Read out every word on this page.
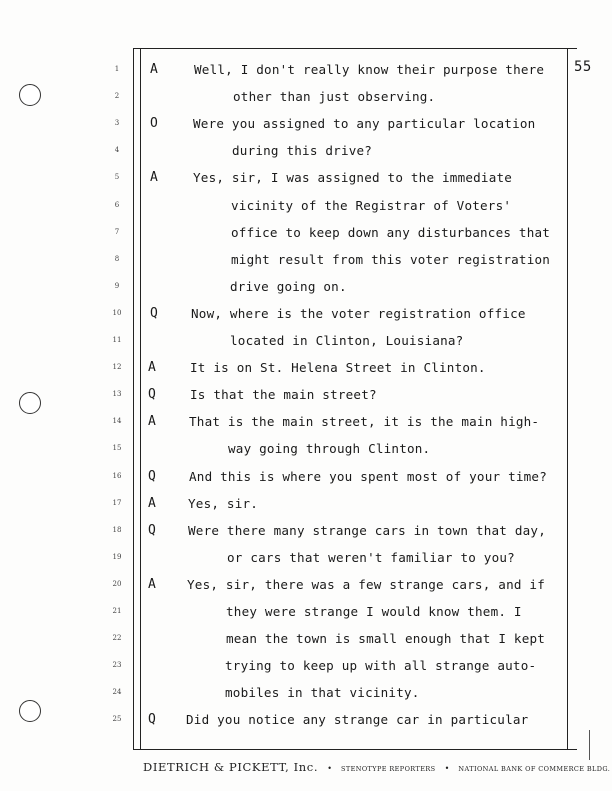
55
1	A	Well, I don't really know their purpose there
2	other than just observing.
3	O	Were you assigned to any particular location
4	during this drive?
5	A	Yes, sir, I was assigned to the immediate
6	vicinity of the Registrar of Voters'
7	office to keep down any disturbances that
8	might result from this voter registration
9	drive going on.
10	Q	Now, where is the voter registration office
11	located in Clinton, Louisiana?
12	A	It is on St. Helena Street in Clinton.
13	Q	Is that the main street?
14	A	That is the main street, it is the main high-
15	way going through Clinton.
16	Q	And this is where you spent most of your time?
17	A	Yes, sir.
18	Q	Were there many strange cars in town that day,
19	or cars that weren't familiar to you?
20	A Yes, sir, there was a few strange cars, and if
21	they were strange I would know them. I
22	mean the town is small enough that I kept
23	trying to keep up with all strange auto-
24	mobiles in that vicinity.
25	Q Did you notice any strange car in particular
DIETRICH & PICKETT, Inc. • STENOTYPE REPORTERS • NATIONAL BANK OF COMMERCE BLDG.
